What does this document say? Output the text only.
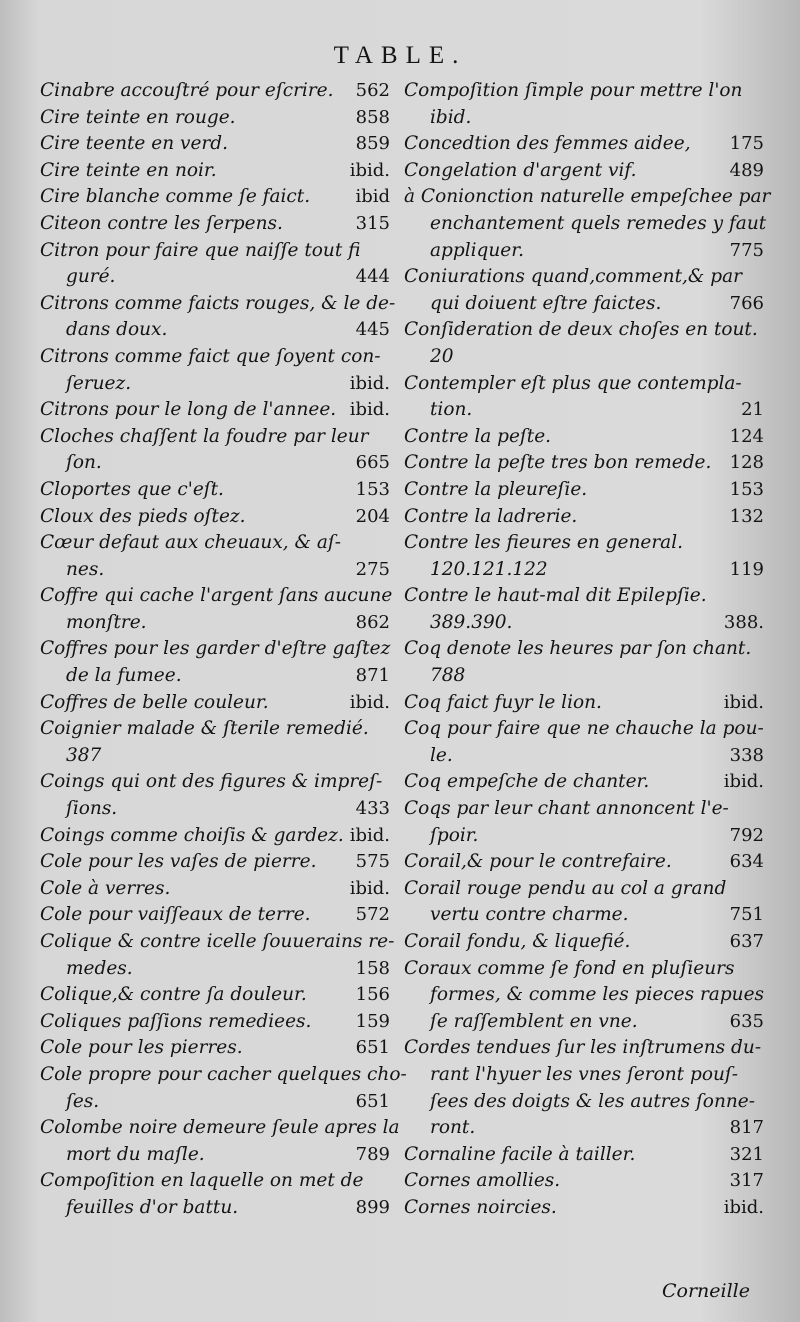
TABLE.
Cinabre accouſtré pour eſcrire.	562
Cire teinte en rouge.	858
Cire teente en verd.	859
Cire teinte en noir.	ibid.
Cire blanche comme ſe faict.	ibid
Citeon contre les ſerpens.	315
Citron pour faire que naiſſe tout fi
guré.	444
Citrons comme faicts rouges, & le de-
dans doux.	445
Citrons comme faict que ſoyent con-
ſeruez.	ibid.
Citrons pour le long de l'annee. ibid.
Cloches chaſſent la foudre par leur
ſon.	665
Cloportes que c'eſt.	153
Cloux des pieds oſtez.	204
Cœur defaut aux cheuaux, & aſ-
nes.	275
Coffre qui cache l'argent ſans aucune
monſtre.	862
Coffres pour les garder d'eſtre gaſtez
de la fumee.	871
Coffres de belle couleur.	ibid.
Coignier malade & ſterile remedié.
387
Coings qui ont des figures & impreſ-
ſions.	433
Coings comme choiſis & gardez. ibid.
Cole pour les vaſes de pierre.	575
Cole à verres.	ibid.
Cole pour vaiſſeaux de terre.	572
Colique & contre icelle ſouuerains re-
medes.	158
Colique,& contre ſa douleur.	156
Coliques paſſions remediees.	159
Cole pour les pierres.	651
Cole propre pour cacher quelques cho-
ſes.	651
Colombe noire demeure ſeule apres la
mort du maſle.	789
Compoſition en laquelle on met de
feuilles d'or battu.	899
Compoſition ſimple pour mettre l'on
ibid.
Concedtion des femmes aidee,	175
Congelation d'argent vif.	489
à Conionction naturelle empeſchee par
enchantement quels remedes y faut
appliquer.	775
Coniurations quand,comment,& par
qui doiuent eſtre faictes.	766
Conſideration de deux choſes en tout.
20
Contempler eſt plus que contempla-
tion.	21
Contre la peſte.	124
Contre la peſte tres bon remede.	128
Contre la pleureſie.	153
Contre la ladrerie.	132
Contre les fieures en general.
120.121.122	119
Contre le haut-mal dit Epilepſie.
389.390.	388.
Coq denote les heures par ſon chant.
788
Coq faict fuyr le lion.	ibid.
Coq pour faire que ne chauche la pou-
le.	338
Coq empeſche de chanter.	ibid.
Coqs par leur chant annoncent l'e-
ſpoir.	792
Corail,& pour le contrefaire.	634
Corail rouge pendu au col a grand
vertu contre charme.	751
Corail fondu, & liquefié.	637
Coraux comme ſe fond en pluſieurs
formes, & comme les pieces rapues
ſe raſſemblent en vne.	635
Cordes tendues ſur les inſtrumens du-
rant l'hyuer les vnes ſeront pouſ-
ſees des doigts & les autres ſonne-
ront.	817
Cornaline facile à tailler.	321
Cornes amollies.	317
Cornes noircies.	ibid.
Corneille
